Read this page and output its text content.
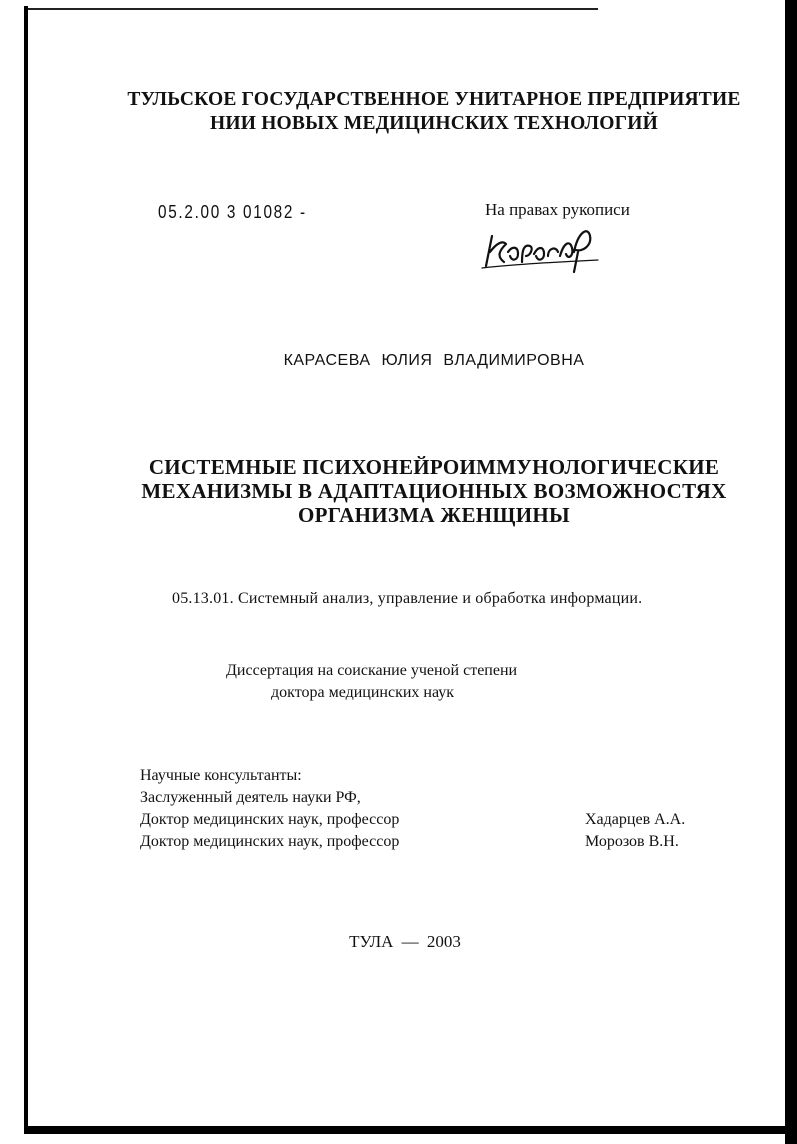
ТУЛЬСКОЕ ГОСУДАРСТВЕННОЕ УНИТАРНОЕ ПРЕДПРИЯТИЕ
НИИ НОВЫХ МЕДИЦИНСКИХ ТЕХНОЛОГИЙ
05.2.00 3 01082 -	На правах рукописи
КАРАСЕВА ЮЛИЯ ВЛАДИМИРОВНА
СИСТЕМНЫЕ ПСИХОНЕЙРОИММУНОЛОГИЧЕСКИЕ
МЕХАНИЗМЫ В АДАПТАЦИОННЫХ ВОЗМОЖНОСТЯХ
ОРГАНИЗМА ЖЕНЩИНЫ
05.13.01. Системный анализ, управление и обработка информации.
Диссертация на соискание ученой степени
доктора медицинских наук
Научные консультанты:
Заслуженный деятель науки РФ,
Доктор медицинских наук, профессор
Доктор медицинских наук, профессор
Хадарцев А.А.
Морозов В.Н.
ТУЛА — 2003
